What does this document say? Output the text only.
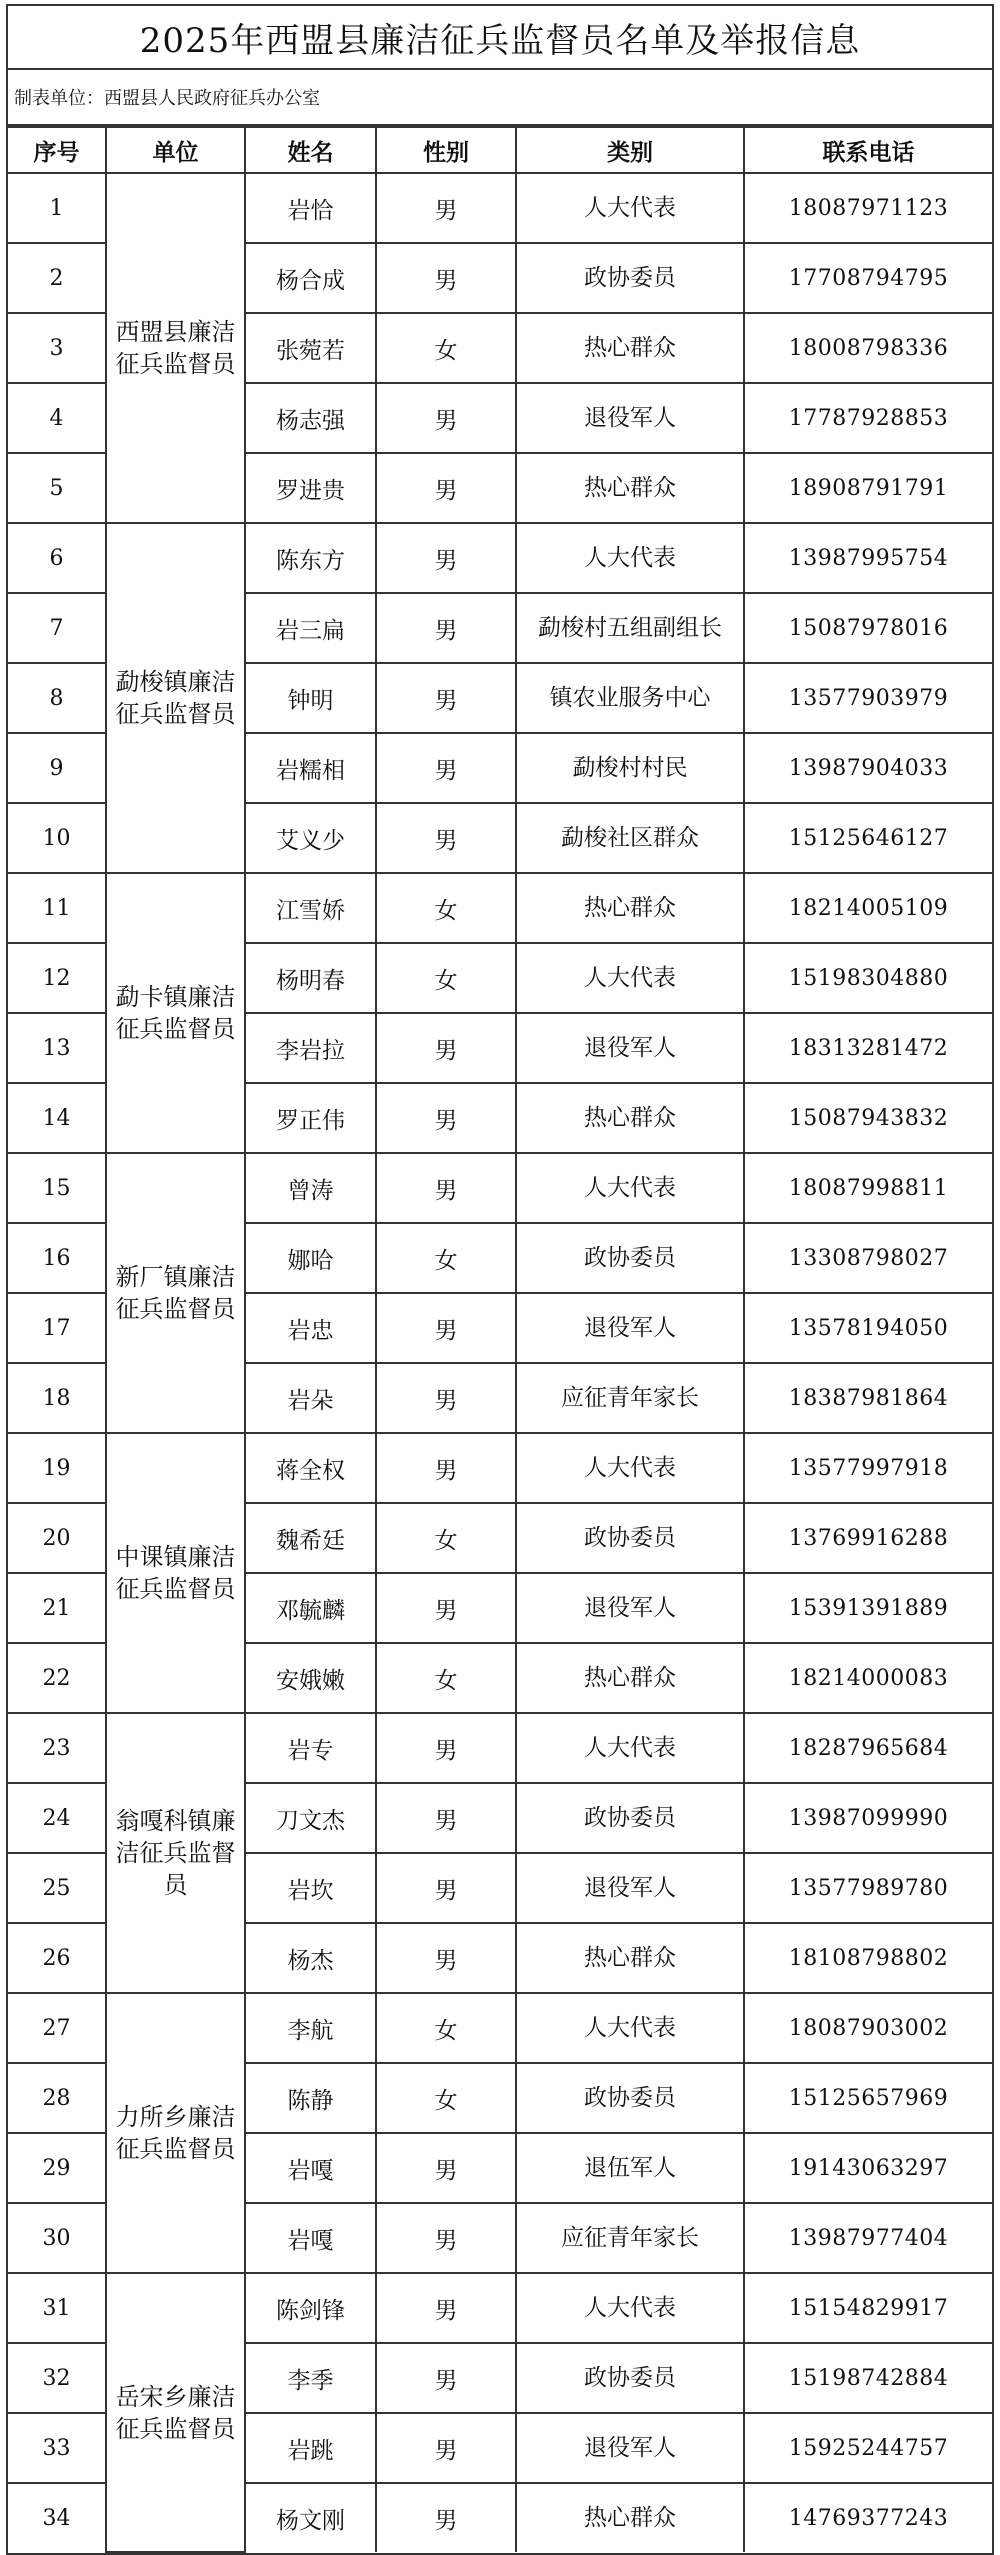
2025年西盟县廉洁征兵监督员名单及举报信息
制表单位：西盟县人民政府征兵办公室
序号	单位	姓名	性别	类别	联系电话
1	西盟县廉洁征兵监督员	岩恰	男	人大代表	18087971123
2		杨合成	男	政协委员	17708794795
3		张菀若	女	热心群众	18008798336
4		杨志强	男	退役军人	17787928853
5		罗进贵	男	热心群众	18908791791
6	勐梭镇廉洁征兵监督员	陈东方	男	人大代表	13987995754
7		岩三扁	男	勐梭村五组副组长	15087978016
8		钟明	男	镇农业服务中心	13577903979
9		岩糯相	男	勐梭村村民	13987904033
10		艾义少	男	勐梭社区群众	15125646127
11	勐卡镇廉洁征兵监督员	江雪娇	女	热心群众	18214005109
12		杨明春	女	人大代表	15198304880
13		李岩拉	男	退役军人	18313281472
14		罗正伟	男	热心群众	15087943832
15	新厂镇廉洁征兵监督员	曾涛	男	人大代表	18087998811
16		娜哈	女	政协委员	13308798027
17		岩忠	男	退役军人	13578194050
18		岩朵	男	应征青年家长	18387981864
19	中课镇廉洁征兵监督员	蒋全权	男	人大代表	13577997918
20		魏希廷	女	政协委员	13769916288
21		邓毓麟	男	退役军人	15391391889
22		安娥嫩	女	热心群众	18214000083
23	翁嘎科镇廉洁征兵监督员	岩专	男	人大代表	18287965684
24		刀文杰	男	政协委员	13987099990
25		岩坎	男	退役军人	13577989780
26		杨杰	男	热心群众	18108798802
27	力所乡廉洁征兵监督员	李航	女	人大代表	18087903002
28		陈静	女	政协委员	15125657969
29		岩嘎	男	退伍军人	19143063297
30		岩嘎	男	应征青年家长	13987977404
31	岳宋乡廉洁征兵监督员	陈剑锋	男	人大代表	15154829917
32		李季	男	政协委员	15198742884
33		岩跳	男	退役军人	15925244757
34		杨文刚	男	热心群众	14769377243
